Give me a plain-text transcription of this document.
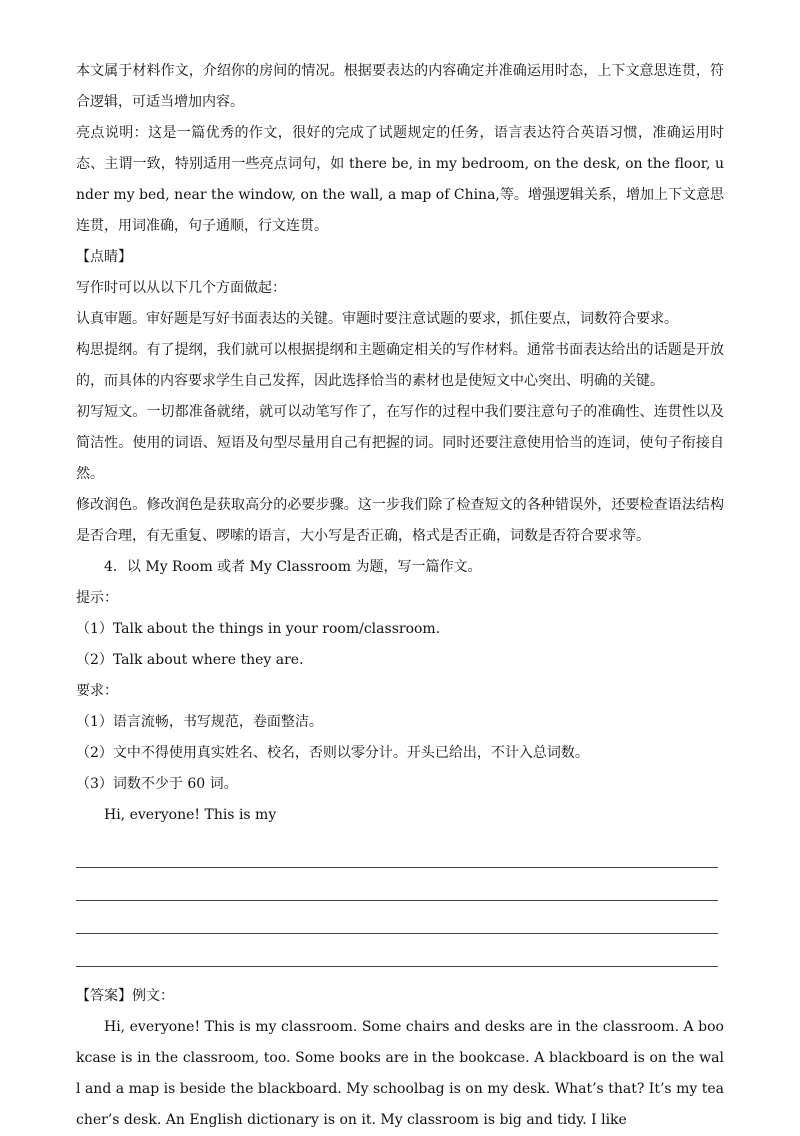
本文属于材料作文，介绍你的房间的情况。根据要表达的内容确定并准确运用时态，上下文意思连贯，符合逻辑，可适当增加内容。

亮点说明：这是一篇优秀的作文，很好的完成了试题规定的任务，语言表达符合英语习惯，准确运用时态、主谓一致，特别适用一些亮点词句，如 there be, in my bedroom, on the desk, on the floor, under my bed, near the window, on the wall, a map of China,等。增强逻辑关系，增加上下文意思连贯，用词准确，句子通顺，行文连贯。

【点睛】

写作时可以从以下几个方面做起：

认真审题。审好题是写好书面表达的关键。审题时要注意试题的要求，抓住要点，词数符合要求。

构思提纲。有了提纲，我们就可以根据提纲和主题确定相关的写作材料。通常书面表达给出的话题是开放的，而具体的内容要求学生自己发挥，因此选择恰当的素材也是使短文中心突出、明确的关键。

初写短文。一切都准备就绪，就可以动笔写作了，在写作的过程中我们要注意句子的准确性、连贯性以及简洁性。使用的词语、短语及句型尽量用自己有把握的词。同时还要注意使用恰当的连词，使句子衔接自然。

修改润色。修改润色是获取高分的必要步骤。这一步我们除了检查短文的各种错误外，还要检查语法结构是否合理，有无重复、啰嗦的语言，大小写是否正确，格式是否正确，词数是否符合要求等。

4．以 My Room 或者 My Classroom 为题，写一篇作文。

提示：

（1）Talk about the things in your room/classroom.

（2）Talk about where they are.

要求：

（1）语言流畅，书写规范，卷面整洁。

（2）文中不得使用真实姓名、校名，否则以零分计。开头已给出，不计入总词数。

（3）词数不少于 60 词。

Hi, everyone! This is my

【答案】例文：

Hi, everyone! This is my classroom. Some chairs and desks are in the classroom. A bookcase is in the classroom, too. Some books are in the bookcase. A blackboard is on the wall and a map is beside the blackboard. My schoolbag is on my desk. What’s that? It’s my teacher’s desk. An English dictionary is on it. My classroom is big and tidy. I like
